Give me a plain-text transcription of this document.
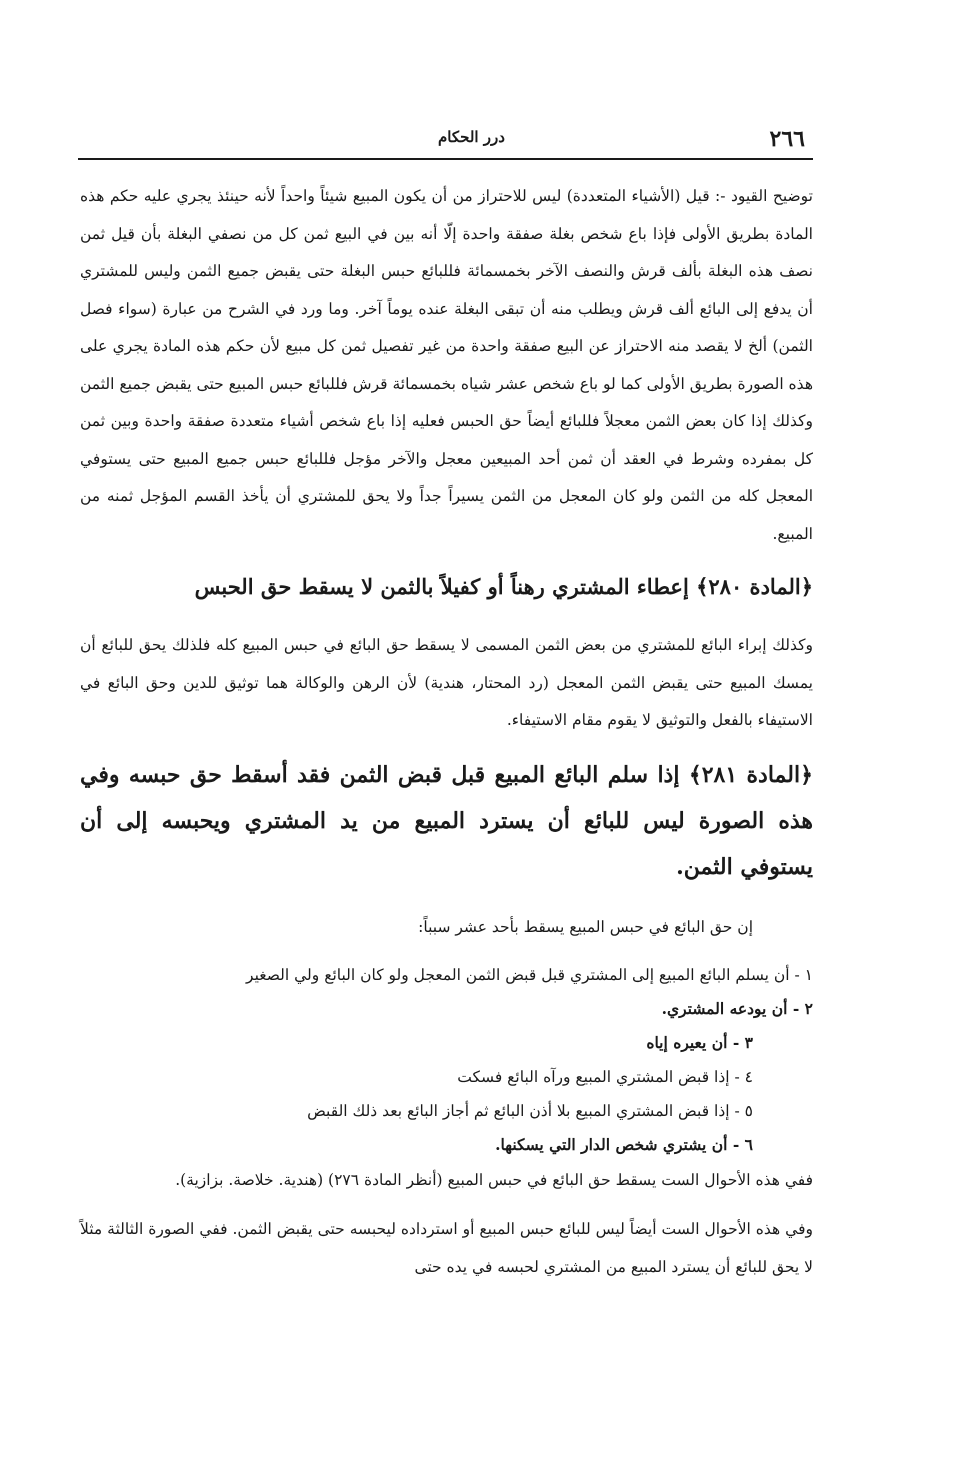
٢٦٦
درر الحكام

توضيح القيود -: قيل (الأشياء المتعددة) ليس للاحتراز من أن يكون المبيع شيئاً واحداً لأنه حينئذ يجري عليه حكم هذه المادة بطريق الأولى فإذا باع شخص بغلة صفقة واحدة إلّا أنه بين في البيع ثمن كل من نصفي البغلة بأن قيل ثمن نصف هذه البغلة بألف قرش والنصف الآخر بخمسمائة فللبائع حبس البغلة حتى يقبض جميع الثمن وليس للمشتري أن يدفع إلى البائع ألف قرش ويطلب منه أن تبقى البغلة عنده يوماً آخر. وما ورد في الشرح من عبارة (سواء فصل الثمن) ألخ لا يقصد منه الاحتراز عن البيع صفقة واحدة من غير تفصيل ثمن كل مبيع لأن حكم هذه المادة يجري على هذه الصورة بطريق الأولى كما لو باع شخص عشر شياه بخمسمائة قرش فللبائع حبس المبيع حتى يقبض جميع الثمن وكذلك إذا كان بعض الثمن معجلاً فللبائع أيضاً حق الحبس فعليه إذا باع شخص أشياء متعددة صفقة واحدة وبين ثمن كل بمفرده وشرط في العقد أن ثمن أحد المبيعين معجل والآخر مؤجل فللبائع حبس جميع المبيع حتى يستوفي المعجل كله من الثمن ولو كان المعجل من الثمن يسيراً جداً ولا يحق للمشتري أن يأخذ القسم المؤجل ثمنه من المبيع.

﴿المادة ٢٨٠﴾ إعطاء المشتري رهناً أو كفيلاً بالثمن لا يسقط حق الحبس

وكذلك إبراء البائع للمشتري من بعض الثمن المسمى لا يسقط حق البائع في حبس المبيع كله فلذلك يحق للبائع أن يمسك المبيع حتى يقبض الثمن المعجل (رد المحتار، هندية) لأن الرهن والوكالة هما توثيق للدين وحق البائع في الاستيفاء بالفعل والتوثيق لا يقوم مقام الاستيفاء.

﴿المادة ٢٨١﴾ إذا سلم البائع المبيع قبل قبض الثمن فقد أسقط حق حبسه وفي هذه الصورة ليس للبائع أن يسترد المبيع من يد المشتري ويحبسه إلى أن يستوفي الثمن.

إن حق البائع في حبس المبيع يسقط بأحد عشر سبباً:

١ - أن يسلم البائع المبيع إلى المشتري قبل قبض الثمن المعجل ولو كان البائع ولي الصغير
٢ - أن يودعه المشتري.
٣ - أن يعيره إياه
٤ - إذا قبض المشتري المبيع ورآه البائع فسكت
٥ - إذا قبض المشتري المبيع بلا أذن البائع ثم أجاز البائع بعد ذلك القبض
٦ - أن يشتري شخص الدار التي يسكنها.

ففي هذه الأحوال الست يسقط حق البائع في حبس المبيع (أنظر المادة ٢٧٦) (هندية. خلاصة. بزازية).

وفي هذه الأحوال الست أيضاً ليس للبائع حبس المبيع أو استرداده ليحبسه حتى يقبض الثمن. ففي الصورة الثالثة مثلاً لا يحق للبائع أن يسترد المبيع من المشتري لحبسه في يده حتى
